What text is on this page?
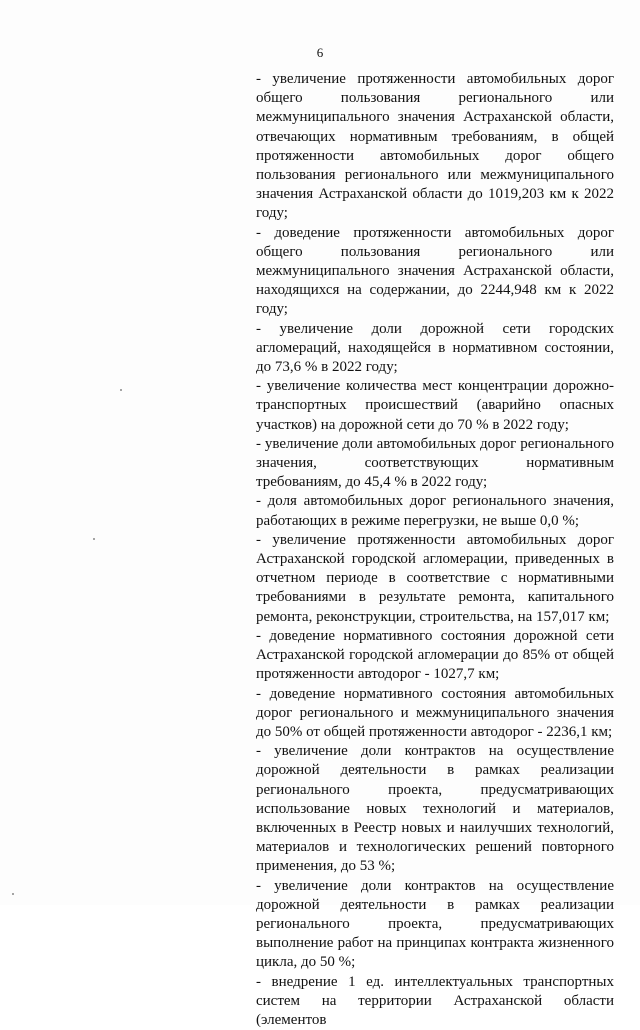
6

- увеличение протяженности автомобильных дорог общего пользования регионального или межмуниципального значения Астраханской области, отвечающих нормативным требованиям, в общей протяженности автомобильных дорог общего пользования регионального или межмуниципального значения Астраханской области до 1019,203 км к 2022 году;

- доведение протяженности автомобильных дорог общего пользования регионального или межмуниципального значения Астраханской области, находящихся на содержании, до 2244,948 км к 2022 году;

- увеличение доли дорожной сети городских агломераций, находящейся в нормативном состоянии, до 73,6 % в 2022 году;

- увеличение количества мест концентрации дорожно-транспортных происшествий (аварийно опасных участков) на дорожной сети до 70 % в 2022 году;

- увеличение доли автомобильных дорог регионального значения, соответствующих нормативным требованиям, до 45,4 % в 2022 году;

- доля автомобильных дорог регионального значения, работающих в режиме перегрузки, не выше 0,0 %;

- увеличение протяженности автомобильных дорог Астраханской городской агломерации, приведенных в отчетном периоде в соответствие с нормативными требованиями в результате ремонта, капитального ремонта, реконструкции, строительства, на 157,017 км;

- доведение нормативного состояния дорожной сети Астраханской городской агломерации до 85% от общей протяженности автодорог - 1027,7 км;

- доведение нормативного состояния автомобильных дорог регионального и межмуниципального значения до 50% от общей протяженности автодорог - 2236,1 км;

- увеличение доли контрактов на осуществление дорожной деятельности в рамках реализации регионального проекта, предусматривающих использование новых технологий и материалов, включенных в Реестр новых и наилучших технологий, материалов и технологических решений повторного применения, до 53 %;

- увеличение доли контрактов на осуществление дорожной деятельности в рамках реализации регионального проекта, предусматривающих выполнение работ на принципах контракта жизненного цикла, до 50 %;

- внедрение 1 ед. интеллектуальных транспортных систем на территории Астраханской области (элементов
